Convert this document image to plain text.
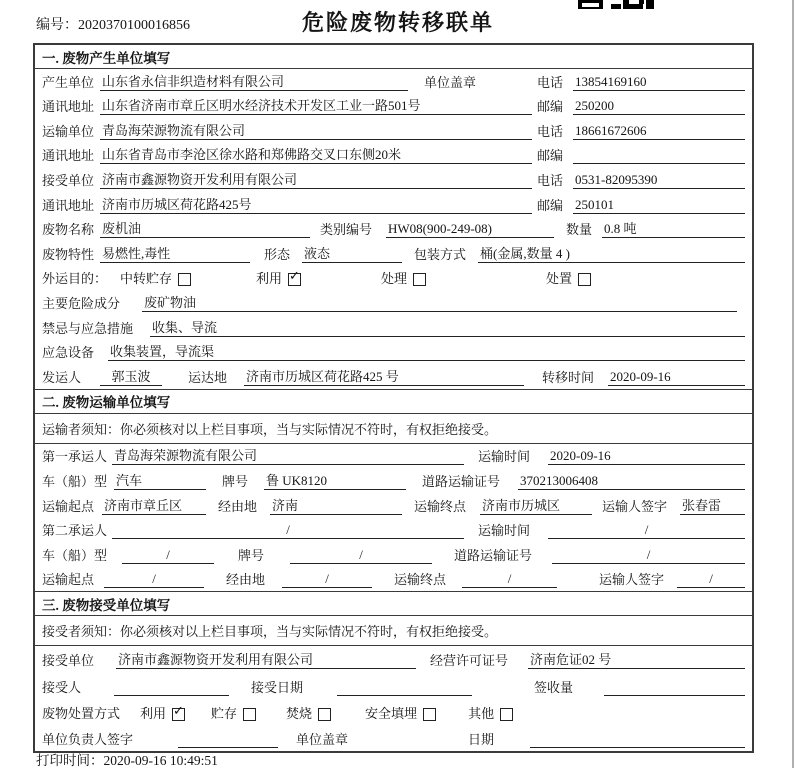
编号：2020370100016856	危险废物转移联单
一. 废物产生单位填写
产生单位 山东省永信非织造材料有限公司	单位盖章	电话 13854169160
通讯地址 山东省济南市章丘区明水经济技术开发区工业一路501号	邮编 250200
运输单位 青岛海荣源物流有限公司	电话 18661672606
通讯地址 山东省青岛市李沧区徐水路和郑佛路交叉口东侧20米	邮编
接受单位 济南市鑫源物资开发利用有限公司	电话 0531-82095390
通讯地址 济南市历城区荷花路425号	邮编 250101
废物名称 废机油	类别编号	HW08(900-249-08)	数量 0.8 吨
废物特性 易燃性,毒性	形态 液态	包装方式	桶(金属,数量 4 )
外运目的： 中转贮存	利用 ✓	处理	处置
主要危险成分	废矿物油
禁忌与应急措施	收集、导流
应急设备	收集装置，导流渠
发运人	郭玉波	运达地	济南市历城区荷花路425 号	转移时间	2020-09-16
二. 废物运输单位填写
运输者须知：你必须核对以上栏目事项，当与实际情况不符时，有权拒绝接受。
第一承运人 青岛海荣源物流有限公司	运输时间	2020-09-16
车（船）型 汽车	牌号 鲁 UK8120	道路运输证号	370213006408
运输起点 济南市章丘区	经由地 济南	运输终点	济南市历城区	运输人签字	张春雷
第二承运人	/	运输时间	/
车（船）型	/	牌号	/	道路运输证号	/
运输起点	/	经由地	/	运输终点	/	运输人签字	/
三. 废物接受单位填写
接受者须知：你必须核对以上栏目事项，当与实际情况不符时，有权拒绝接受。
接受单位	济南市鑫源物资开发利用有限公司	经营许可证号	济南危证02 号
接受人	接受日期	签收量
废物处置方式	利用 ✓ 贮存	焚烧	安全填埋	其他
单位负责人签字	单位盖章	日期
打印时间：2020-09-16 10:49:51
